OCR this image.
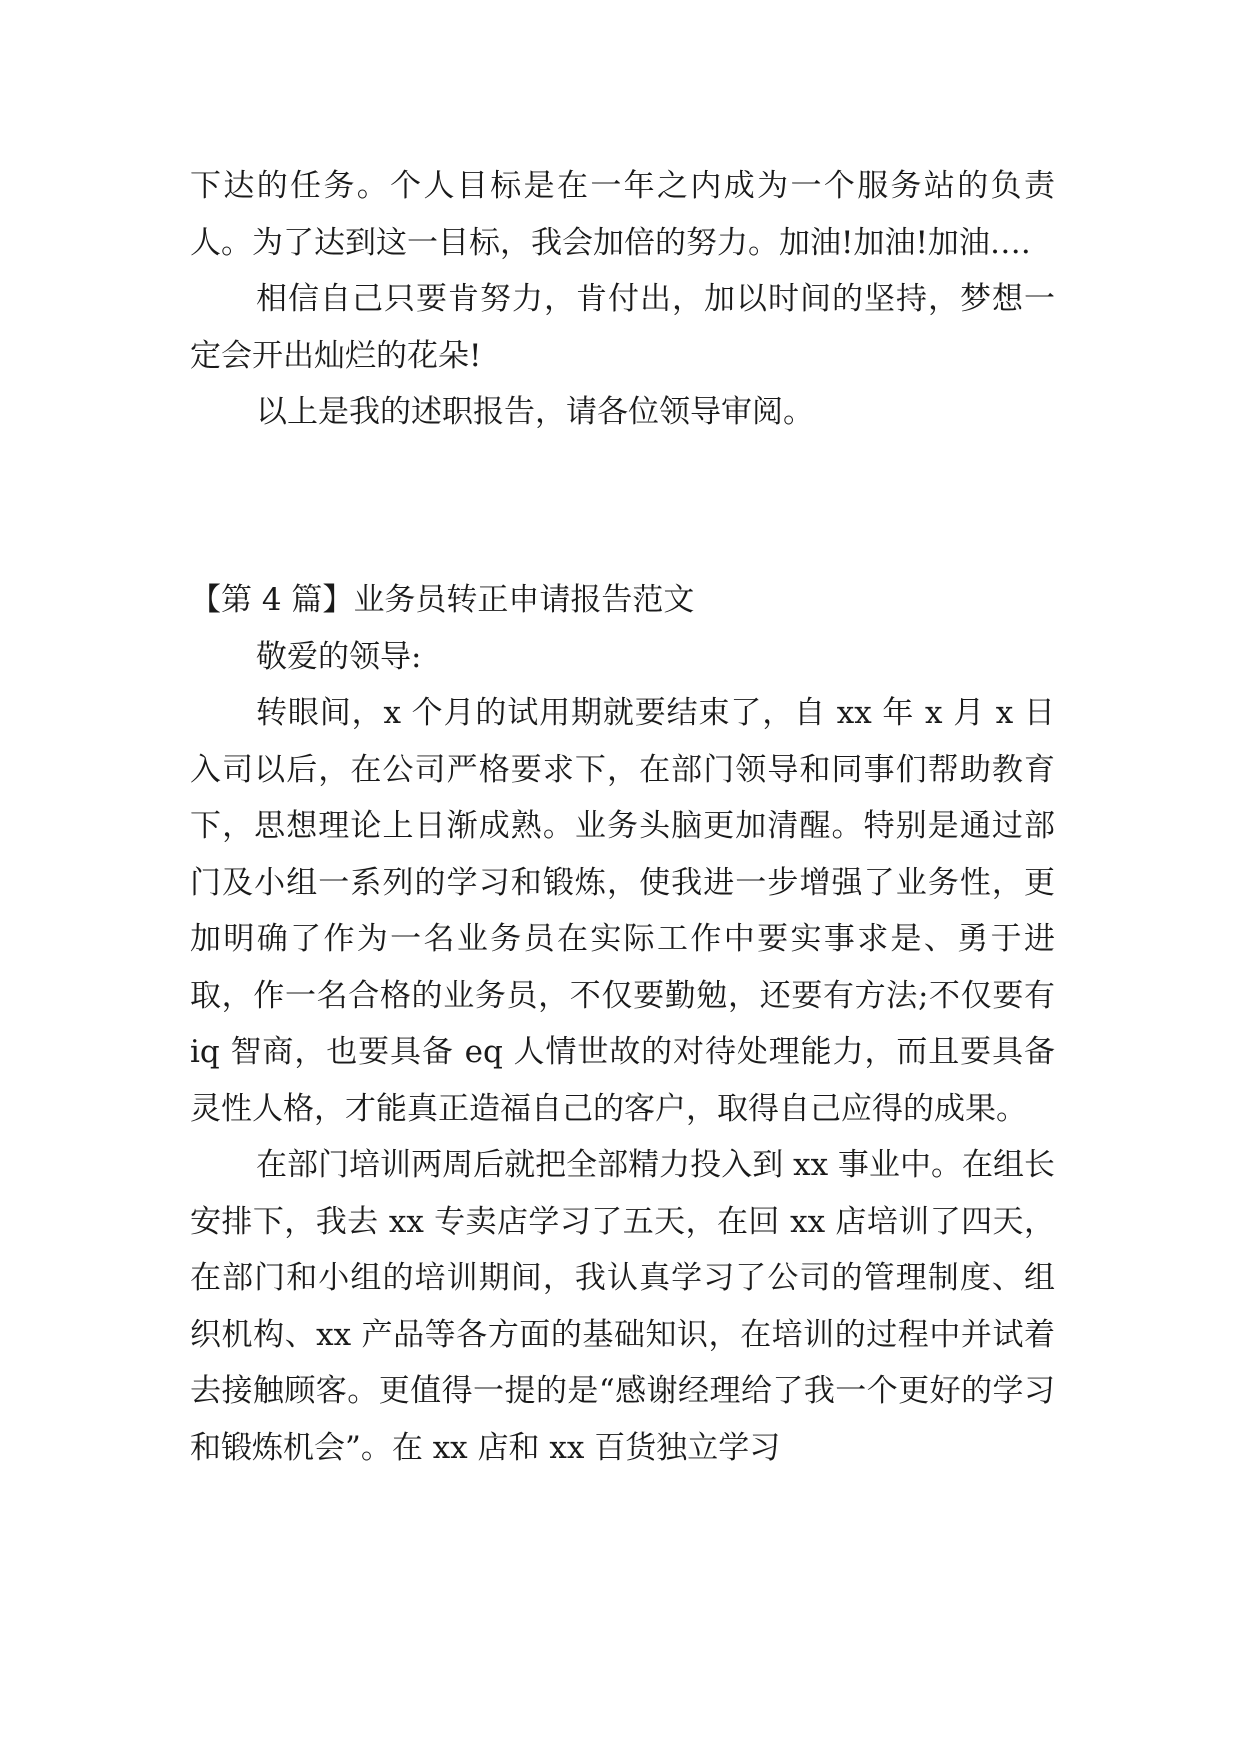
下达的任务。个人目标是在一年之内成为一个服务站的负责人。为了达到这一目标，我会加倍的努力。加油!加油!加油….

相信自己只要肯努力，肯付出，加以时间的坚持，梦想一定会开出灿烂的花朵!

以上是我的述职报告，请各位领导审阅。

【第 4 篇】业务员转正申请报告范文

敬爱的领导:

转眼间，x 个月的试用期就要结束了，自 xx 年 x 月 x 日入司以后，在公司严格要求下，在部门领导和同事们帮助教育下，思想理论上日渐成熟。业务头脑更加清醒。特别是通过部门及小组一系列的学习和锻炼，使我进一步增强了业务性，更加明确了作为一名业务员在实际工作中要实事求是、勇于进取，作一名合格的业务员，不仅要勤勉，还要有方法;不仅要有 iq 智商，也要具备 eq 人情世故的对待处理能力，而且要具备灵性人格，才能真正造福自己的客户，取得自己应得的成果。

在部门培训两周后就把全部精力投入到 xx 事业中。在组长安排下，我去 xx 专卖店学习了五天，在回 xx 店培训了四天，在部门和小组的培训期间，我认真学习了公司的管理制度、组织机构、xx 产品等各方面的基础知识，在培训的过程中并试着去接触顾客。更值得一提的是“感谢经理给了我一个更好的学习和锻炼机会”。在 xx 店和 xx 百货独立学习
